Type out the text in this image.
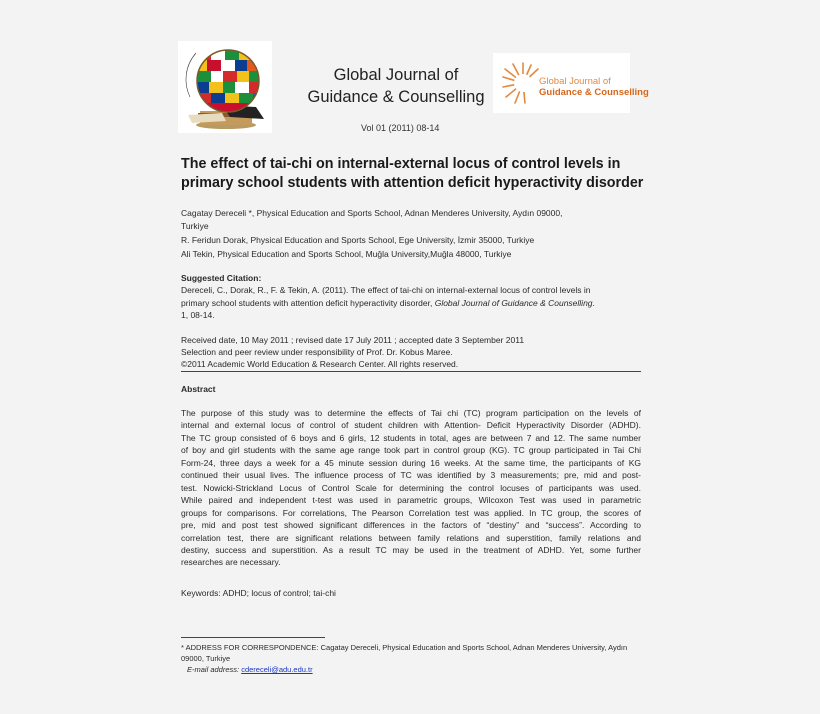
Global Journal of
Guidance & Counselling
Global Journal of
Guidance & Counselling
Vol 01 (2011) 08-14
The effect of tai-chi on internal-external locus of control levels in
primary school students with attention deficit hyperactivity disorder
Cagatay Dereceli *, Physical Education and Sports School, Adnan Menderes University, Aydın 09000,
Turkiye
R. Feridun Dorak, Physical Education and Sports School, Ege University, İzmir 35000, Turkiye
Ali Tekin, Physical Education and Sports School, Muğla University,Muğla 48000, Turkiye
Suggested Citation:
Dereceli, C., Dorak, R., F. & Tekin, A. (2011). The effect of tai-chi on internal-external locus of control levels in
primary school students with attention deficit hyperactivity disorder, Global Journal of Guidance & Counselling.
1, 08-14.
Received date, 10 May 2011 ; revised date 17 July 2011 ; accepted date 3 September 2011
Selection and peer review under responsibility of Prof. Dr. Kobus Maree.
©2011 Academic World Education & Research Center. All rights reserved.
Abstract
The purpose of this study was to determine the effects of Tai chi (TC) program participation on the levels of
internal and external locus of control of student children with Attention- Deficit Hyperactivity Disorder (ADHD).
The TC group consisted of 6 boys and 6 girls, 12 students in total, ages are between 7 and 12. The same number
of boy and girl students with the same age range took part in control group (KG). TC group participated in Tai Chi
Form-24, three days a week for a 45 minute session during 16 weeks. At the same time, the participants of KG
continued their usual lives. The influence process of TC was identified by 3 measurements; pre, mid and post-
test. Nowicki-Strickland Locus of Control Scale for determining the control locuses of participants was used.
While paired and independent t-test was used in parametric groups, Wilcoxon Test was used in parametric
groups for comparisons. For correlations, The Pearson Correlation test was applied. In TC group, the scores of
pre, mid and post test showed significant differences in the factors of “destiny” and “success”. According to
correlation test, there are significant relations between family relations and superstition, family relations and
destiny, success and superstition. As a result TC may be used in the treatment of ADHD. Yet, some further
researches are necessary.
Keywords: ADHD; locus of control; tai-chi
* ADDRESS FOR CORRESPONDENCE: Cagatay Dereceli, Physical Education and Sports School, Adnan Menderes University, Aydın
09000, Turkiye
E-mail address: cdereceli@adu.edu.tr
